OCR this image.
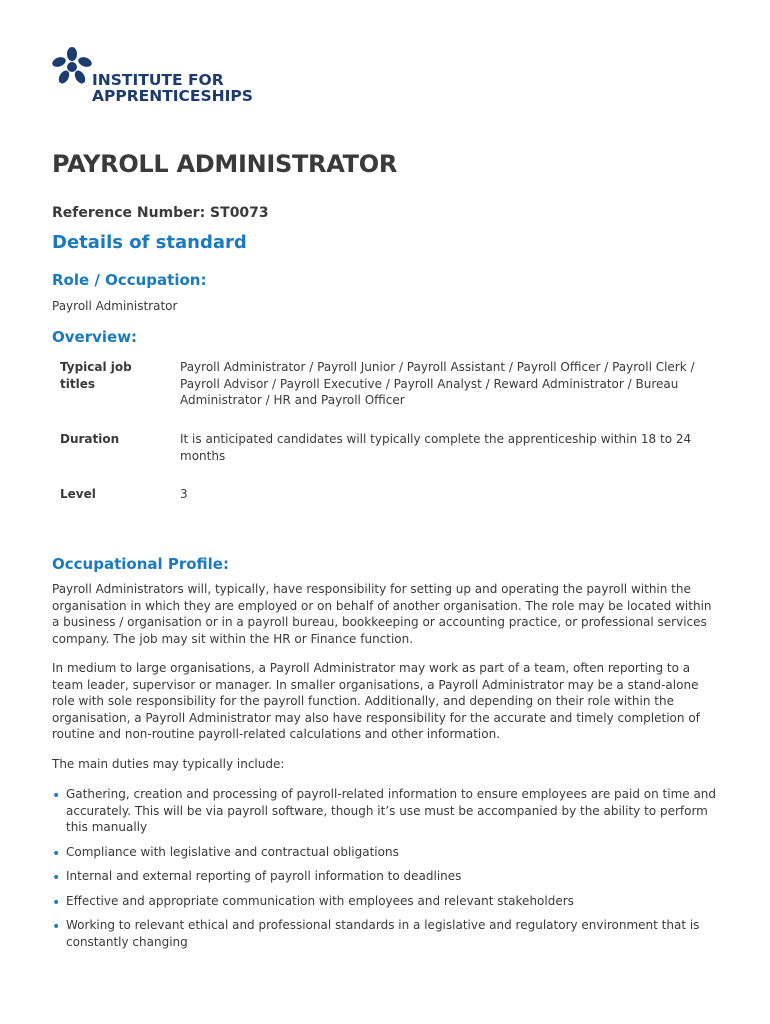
INSTITUTE FOR
APPRENTICESHIPS
PAYROLL ADMINISTRATOR
Reference Number: ST0073
Details of standard
Role / Occupation:

Payroll Administrator

Overview:
Typical job
titles
Payroll Administrator / Payroll Junior / Payroll Assistant / Payroll Officer / Payroll Clerk / Payroll Advisor / Payroll Executive / Payroll Analyst / Reward Administrator / Bureau Administrator / HR and Payroll Officer
Duration	It is anticipated candidates will typically complete the apprenticeship within 18 to 24 months
Level	3
Occupational Profile:

Payroll Administrators will, typically, have responsibility for setting up and operating the payroll within the organisation in which they are employed or on behalf of another organisation. The role may be located within a business / organisation or in a payroll bureau, bookkeeping or accounting practice, or professional services company. The job may sit within the HR or Finance function.

In medium to large organisations, a Payroll Administrator may work as part of a team, often reporting to a team leader, supervisor or manager. In smaller organisations, a Payroll Administrator may be a stand-alone role with sole responsibility for the payroll function. Additionally, and depending on their role within the organisation, a Payroll Administrator may also have responsibility for the accurate and timely completion of routine and non-routine payroll-related calculations and other information.

The main duties may typically include:

• Gathering, creation and processing of payroll-related information to ensure employees are paid on time and accurately. This will be via payroll software, though it’s use must be accompanied by the ability to perform this manually
• Compliance with legislative and contractual obligations
• Internal and external reporting of payroll information to deadlines
• Effective and appropriate communication with employees and relevant stakeholders
• Working to relevant ethical and professional standards in a legislative and regulatory environment that is constantly changing
